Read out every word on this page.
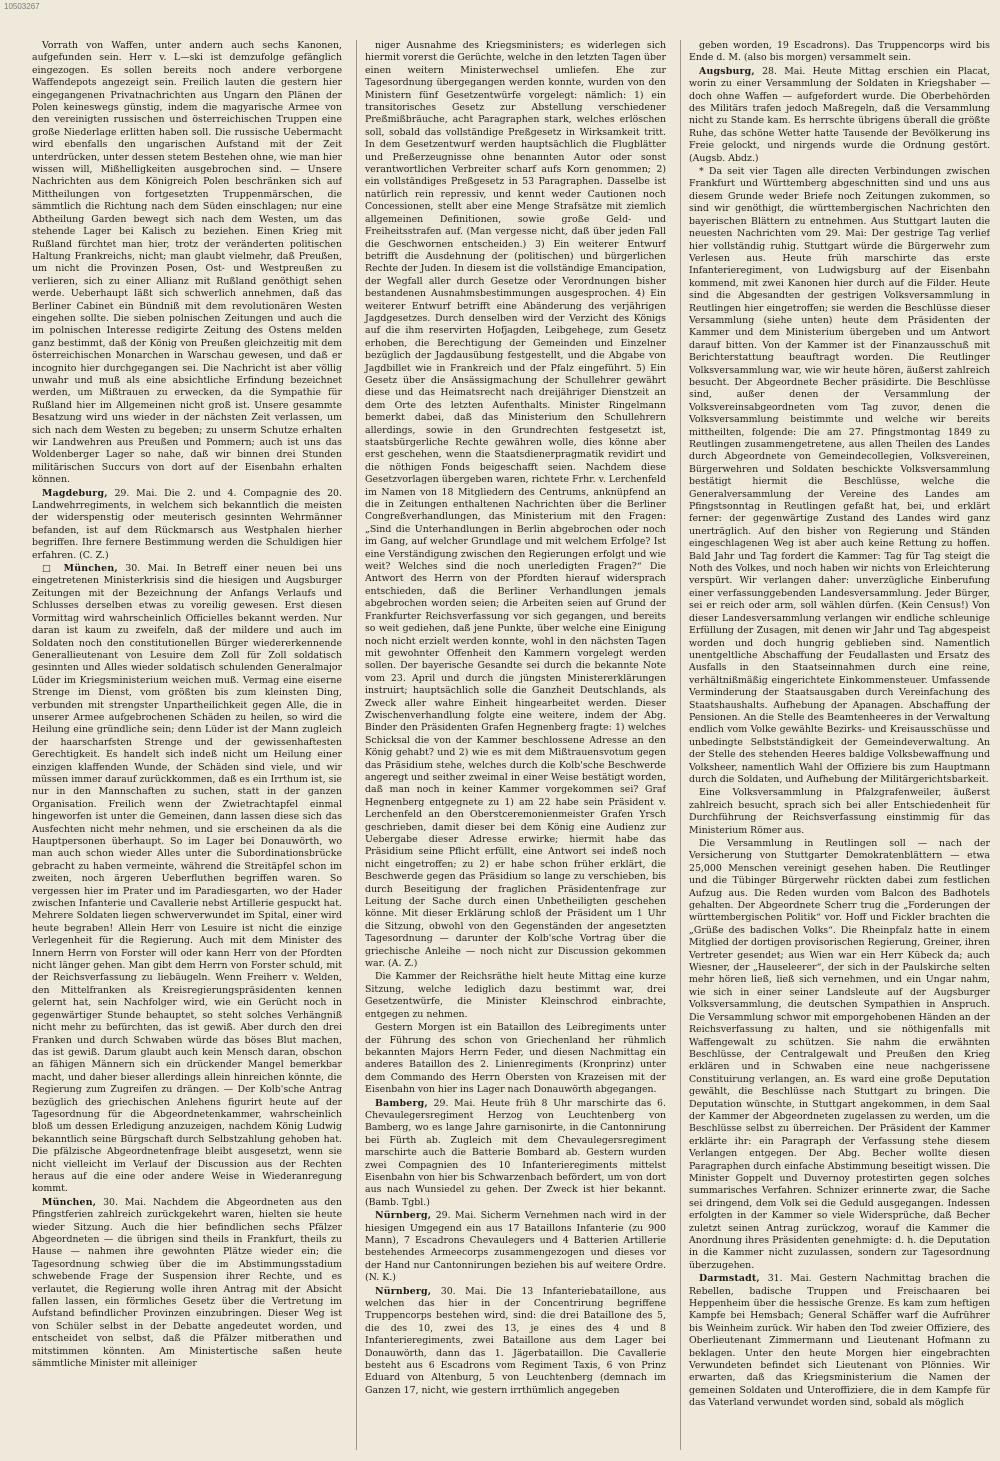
10503267

Vorrath von Waffen, unter andern auch sechs Kanonen, aufgefunden sein. Herr v. L—ski ist demzufolge gefänglich eingezogen. Es sollen bereits noch andere verborgene Waffendepots angezeigt sein. Freilich lauten die gestern hier eingegangenen Privatnachrichten aus Ungarn den Plänen der Polen keineswegs günstig, indem die magyarische Armee von den vereinigten russischen und österreichischen Truppen eine große Niederlage erlitten haben soll. Die russische Uebermacht wird ebenfalls den ungarischen Aufstand mit der Zeit unterdrücken, unter dessen stetem Bestehen ohne, wie man hier wissen will, Mißhelligkeiten ausgebrochen sind. — Unsere Nachrichten aus dem Königreich Polen beschränken sich auf Mittheilungen von fortgesetzten Truppenmärschen, die sämmtlich die Richtung nach dem Süden einschlagen; nur eine Abtheilung Garden bewegt sich nach dem Westen, um das stehende Lager bei Kalisch zu beziehen. Einen Krieg mit Rußland fürchtet man hier, trotz der veränderten politischen Haltung Frankreichs, nicht; man glaubt vielmehr, daß Preußen, um nicht die Provinzen Posen, Ost- und Westpreußen zu verlieren, sich zu einer Allianz mit Rußland genöthigt sehen werde. Ueberhaupt läßt sich schwerlich annehmen, daß das Berliner Cabinet ein Bündniß mit dem revolutionären Westen eingehen sollte. Die sieben polnischen Zeitungen und auch die im polnischen Interesse redigirte Zeitung des Ostens melden ganz bestimmt, daß der König von Preußen gleichzeitig mit dem österreichischen Monarchen in Warschau gewesen, und daß er incognito hier durchgegangen sei. Die Nachricht ist aber völlig unwahr und muß als eine absichtliche Erfindung bezeichnet werden, um Mißtrauen zu erwecken, da die Sympathie für Rußland hier im Allgemeinen nicht groß ist. Unsere gesammte Besatzung wird uns wieder in der nächsten Zeit verlassen, um sich nach dem Westen zu begeben; zu unserm Schutze erhalten wir Landwehren aus Preußen und Pommern; auch ist uns das Woldenberger Lager so nahe, daß wir binnen drei Stunden militärischen Succurs von dort auf der Eisenbahn erhalten können.

Magdeburg, 29. Mai. Die 2. und 4. Compagnie des 20. Landwehrregiments, in welchem sich bekanntlich die meisten der widerspenstig oder meuterisch gesinnten Wehrmänner befanden, ist auf dem Rückmarsch aus Westphalen hierher begriffen. Ihre fernere Bestimmung werden die Schuldigen hier erfahren. (C. Z.)

□ München, 30. Mai. In Betreff einer neuen bei uns eingetretenen Ministerkrisis sind die hiesigen und Augsburger Zeitungen mit der Bezeichnung der Anfangs Verlaufs und Schlusses derselben etwas zu voreilig gewesen. Erst diesen Vormittag wird wahrscheinlich Officielles bekannt werden. Nur daran ist kaum zu zweifeln, daß der mildere und auch im Soldaten noch den constitutionellen Bürger wiedererkennende Generallieutenant von Lesuire dem Zoll für Zoll soldatisch gesinnten und Alles wieder soldatisch schulenden Generalmajor Lüder im Kriegsministerium weichen muß. Vermag eine eiserne Strenge im Dienst, vom größten bis zum kleinsten Ding, verbunden mit strengster Unpartheilichkeit gegen Alle, die in unserer Armee aufgebrochenen Schäden zu heilen, so wird die Heilung eine gründliche sein; denn Lüder ist der Mann zugleich der haarscharfsten Strenge und der gewissenhaftesten Gerechtigkeit. Es handelt sich indeß nicht um Heilung einer einzigen klaffenden Wunde, der Schäden sind viele, und wir müssen immer darauf zurückkommen, daß es ein Irrthum ist, sie nur in den Mannschaften zu suchen, statt in der ganzen Organisation. Freilich wenn der Zwietrachtapfel einmal hingeworfen ist unter die Gemeinen, dann lassen diese sich das Ausfechten nicht mehr nehmen, und sie erscheinen da als die Hauptpersonen überhaupt. So im Lager bei Donauwörth, wo man auch schon wieder Alles unter die Subordinationsbrücke gebracht zu haben vermeinte, während die Streitäpfel schon im zweiten, noch ärgeren Ueberfluthen begriffen waren. So vergessen hier im Prater und im Paradiesgarten, wo der Hader zwischen Infanterie und Cavallerie nebst Artillerie gespuckt hat. Mehrere Soldaten liegen schwerverwundet im Spital, einer wird heute begraben! Allein Herr von Lesuire ist nicht die einzige Verlegenheit für die Regierung. Auch mit dem Minister des Innern Herrn von Forster will oder kann Herr von der Pfordten nicht länger gehen. Man gibt dem Herrn von Forster schuld, mit der Reichsverfassung zu liebäugeln. Wenn Freiherr v. Welden, den Mittelfranken als Kreisregierungspräsidenten kennen gelernt hat, sein Nachfolger wird, wie ein Gerücht noch in gegenwärtiger Stunde behauptet, so steht solches Verhängniß nicht mehr zu befürchten, das ist gewiß. Aber durch den drei Franken und durch Schwaben würde das böses Blut machen, das ist gewiß. Darum glaubt auch kein Mensch daran, obschon an fähigen Männern sich ein drückender Mangel bemerkbar macht, und daher bieser allerdings allein hinreichen könnte, die Regierung zum Zugreifen zu drängen. — Der Kolb'sche Antrag bezüglich des griechischen Anlehens figurirt heute auf der Tagesordnung für die Abgeordnetenkammer, wahrscheinlich bloß um dessen Erledigung anzuzeigen, nachdem König Ludwig bekanntlich seine Bürgschaft durch Selbstzahlung gehoben hat. Die pfälzische Abgeordnetenfrage bleibt ausgesetzt, wenn sie nicht vielleicht im Verlauf der Discussion aus der Rechten heraus auf die eine oder andere Weise in Wiederanregung kommt.

München, 30. Mai. Nachdem die Abgeordneten aus den Pfingstferien zahlreich zurückgekehrt waren, hielten sie heute wieder Sitzung. Auch die hier befindlichen sechs Pfälzer Abgeordneten — die übrigen sind theils in Frankfurt, theils zu Hause — nahmen ihre gewohnten Plätze wieder ein; die Tagesordnung schwieg über die im Abstimmungsstadium schwebende Frage der Suspension ihrer Rechte, und es verlautet, die Regierung wolle ihren Antrag mit der Absicht fallen lassen, ein förmliches Gesetz über die Vertretung im Aufstand befindlicher Provinzen einzubringen. Dieser Weg ist von Schüler selbst in der Debatte angedeutet worden, und entscheidet von selbst, daß die Pfälzer mitberathen und mitstimmen könnten. Am Ministertische saßen heute sämmtliche Minister mit alleiniger

niger Ausnahme des Kriegsministers; es widerlegen sich hiermit vorerst die Gerüchte, welche in den letzten Tagen über einen weitern Ministerwechsel umliefen. Ehe zur Tagesordnung übergegangen werden konnte, wurden von den Ministern fünf Gesetzentwürfe vorgelegt: nämlich: 1) ein transitorisches Gesetz zur Abstellung verschiedener Preßmißbräuche, acht Paragraphen stark, welches erlöschen soll, sobald das vollständige Preßgesetz in Wirksamkeit tritt. In dem Gesetzentwurf werden hauptsächlich die Flugblätter und Preßerzeugnisse ohne benannten Autor oder sonst verantwortlichen Verbreiter scharf aufs Korn genommen; 2) ein vollständiges Preßgesetz in 53 Paragraphen. Dasselbe ist natürlich rein repressiv, und kennt weder Cautionen noch Concessionen, stellt aber eine Menge Strafsätze mit ziemlich allgemeinen Definitionen, sowie große Geld- und Freiheitsstrafen auf. (Man vergesse nicht, daß über jeden Fall die Geschwornen entscheiden.) 3) Ein weiterer Entwurf betrifft die Ausdehnung der (politischen) und bürgerlichen Rechte der Juden. In diesem ist die vollständige Emancipation, der Wegfall aller durch Gesetze oder Verordnungen bisher bestandenen Ausnahmsbestimmungen ausgesprochen. 4) Ein weiterer Entwurf betrifft eine Abänderung des verjährigen Jagdgesetzes. Durch denselben wird der Verzicht des Königs auf die ihm reservirten Hofjagden, Leibgehege, zum Gesetz erhoben, die Berechtigung der Gemeinden und Einzelner bezüglich der Jagdausübung festgestellt, und die Abgabe von Jagdbillet wie in Frankreich und der Pfalz eingeführt. 5) Ein Gesetz über die Ansässigmachung der Schullehrer gewährt diese und das Heimatsrecht nach dreijähriger Dienstzeit an dem Orte des letzten Aufenthalts. Minister Ringelmann bemerkt dabei, daß das Ministerium den Schullehrern allerdings, sowie in den Grundrechten festgesetzt ist, staatsbürgerliche Rechte gewähren wolle, dies könne aber erst geschehen, wenn die Staatsdienerpragmatik revidirt und die nöthigen Fonds beigeschafft seien. Nachdem diese Gesetzvorlagen übergeben waren, richtete Frhr. v. Lerchenfeld im Namen von 18 Mitgliedern des Centrums, anknüpfend an die in Zeitungen enthaltenen Nachrichten über die Berliner Congreßverhandlungen, das Ministerium mit den Fragen: „Sind die Unterhandlungen in Berlin abgebrochen oder noch im Gang, auf welcher Grundlage und mit welchem Erfolge? Ist eine Verständigung zwischen den Regierungen erfolgt und wie weit? Welches sind die noch unerledigten Fragen?“ Die Antwort des Herrn von der Pfordten hierauf widersprach entschieden, daß die Berliner Verhandlungen jemals abgebrochen worden seien; die Arbeiten seien auf Grund der Frankfurter Reichsverfassung vor sich gegangen, und bereits so weit gediehen, daß jene Punkte, über welche eine Einigung noch nicht erzielt werden konnte, wohl in den nächsten Tagen mit gewohnter Offenheit den Kammern vorgelegt werden sollen. Der bayerische Gesandte sei durch die bekannte Note vom 23. April und durch die jüngsten Ministererklärungen instruirt; hauptsächlich solle die Ganzheit Deutschlands, als Zweck aller wahre Einheit hingearbeitet werden. Dieser Zwischenverhandlung folgte eine weitere, indem der Abg. Binder den Präsidenten Grafen Hegnenberg fragte: 1) welches Schicksal die von der Kammer beschlossene Adresse an den König gehabt? und 2) wie es mit dem Mißtrauensvotum gegen das Präsidium stehe, welches durch die Kolb'sche Beschwerde angeregt und seither zweimal in einer Weise bestätigt worden, daß man noch in keiner Kammer vorgekommen sei? Graf Hegnenberg entgegnete zu 1) am 22 habe sein Präsident v. Lerchenfeld an den Oberstceremonienmeister Grafen Yrsch geschrieben, damit dieser bei dem König eine Audienz zur Uebergabe dieser Adresse erwirke; hiermit habe das Präsidium seine Pflicht erfüllt, eine Antwort sei indeß noch nicht eingetroffen; zu 2) er habe schon früher erklärt, die Beschwerde gegen das Präsidium so lange zu verschieben, bis durch Beseitigung der fraglichen Präsidentenfrage zur Leitung der Sache durch einen Unbetheiligten geschehen könne. Mit dieser Erklärung schloß der Präsident um 1 Uhr die Sitzung, obwohl von den Gegenständen der angesetzten Tagesordnung — darunter der Kolb'sche Vortrag über die griechische Anleihe — noch nicht zur Discussion gekommen war. (A. Z.)

Die Kammer der Reichsräthe hielt heute Mittag eine kurze Sitzung, welche lediglich dazu bestimmt war, drei Gesetzentwürfe, die Minister Kleinschrod einbrachte, entgegen zu nehmen.

Gestern Morgen ist ein Bataillon des Leibregiments unter der Führung des schon von Griechenland her rühmlich bekannten Majors Herrn Feder, und diesen Nachmittag ein anderes Bataillon des 2. Linienregiments (Kronprinz) unter dem Commando des Herrn Obersten von Krazeisen mit der Eisenbahn von hier ins Lager nach Donauwörth abgegangen.

Bamberg, 29. Mai. Heute früh 8 Uhr marschirte das 6. Chevaulegersregiment Herzog von Leuchtenberg von Bamberg, wo es lange Jahre garnisonirte, in die Cantonnirung bei Fürth ab. Zugleich mit dem Chevaulegersregiment marschirte auch die Batterie Bombard ab. Gestern wurden zwei Compagnien des 10 Infanterieregiments mittelst Eisenbahn von hier bis Schwarzenbach befördert, um von dort aus nach Wunsiedel zu gehen. Der Zweck ist hier bekannt. (Bamb. Tgbl.)

Nürnberg, 29. Mai. Sicherm Vernehmen nach wird in der hiesigen Umgegend ein aus 17 Bataillons Infanterie (zu 900 Mann), 7 Escadrons Chevaulegers und 4 Batterien Artillerie bestehendes Armeecorps zusammengezogen und dieses vor der Hand nur Cantonnirungen beziehen bis auf weitere Ordre. (N. K.)

Nürnberg, 30. Mai. Die 13 Infanteriebataillone, aus welchen das hier in der Concentrirung begriffene Truppencorps bestehen wird, sind: die drei Bataillone des 5, die des 10, zwei des 13, je eines des 4 und 8 Infanterieregiments, zwei Bataillone aus dem Lager bei Donauwörth, dann das 1. Jägerbataillon. Die Cavallerie besteht aus 6 Escadrons vom Regiment Taxis, 6 von Prinz Eduard von Altenburg, 5 von Leuchtenberg (demnach im Ganzen 17, nicht, wie gestern irrthümlich angegeben

geben worden, 19 Escadrons). Das Truppencorps wird bis Ende d. M. (also bis morgen) versammelt sein.

Augsburg, 28. Mai. Heute Mittag erschien ein Placat, worin zu einer Versammlung der Soldaten in Kriegshaber — doch ohne Waffen — aufgefordert wurde. Die Oberbehörden des Militärs trafen jedoch Maßregeln, daß die Versammlung nicht zu Stande kam. Es herrschte übrigens überall die größte Ruhe, das schöne Wetter hatte Tausende der Bevölkerung ins Freie gelockt, und nirgends wurde die Ordnung gestört. (Augsb. Abdz.)

* Da seit vier Tagen alle directen Verbindungen zwischen Frankfurt und Württemberg abgeschnitten sind und uns aus diesem Grunde weder Briefe noch Zeitungen zukommen, so sind wir genöthigt, die württembergischen Nachrichten den bayerischen Blättern zu entnehmen. Aus Stuttgart lauten die neuesten Nachrichten vom 29. Mai: Der gestrige Tag verlief hier vollständig ruhig. Stuttgart würde die Bürgerwehr zum Verlesen aus. Heute früh marschirte das erste Infanterieregiment, von Ludwigsburg auf der Eisenbahn kommend, mit zwei Kanonen hier durch auf die Filder. Heute sind die Abgesandten der gestrigen Volksversammlung in Reutlingen hier eingetroffen; sie werden die Beschlüsse dieser Versammlung (siehe unten) heute dem Präsidenten der Kammer und dem Ministerium übergeben und um Antwort darauf bitten. Von der Kammer ist der Finanzausschuß mit Berichterstattung beauftragt worden. Die Reutlinger Volksversammlung war, wie wir heute hören, äußerst zahlreich besucht. Der Abgeordnete Becher präsidirte. Die Beschlüsse sind, außer denen der Versammlung der Volksvereinsabgeordneten vom Tag zuvor, denen die Volksversammlung beistimmte und welche wir bereits mittheilten, folgende: Die am 27. Pfingstmontag 1849 zu Reutlingen zusammengetretene, aus allen Theilen des Landes durch Abgeordnete von Gemeindecollegien, Volksvereinen, Bürgerwehren und Soldaten beschickte Volksversammlung bestätigt hiermit die Beschlüsse, welche die Generalversammlung der Vereine des Landes am Pfingstsonntag in Reutlingen gefaßt hat, bei, und erklärt ferner: der gegenwärtige Zustand des Landes wird ganz unerträglich. Auf den bisher von Regierung und Ständen eingeschlagenen Weg ist aber auch keine Rettung zu hoffen. Bald Jahr und Tag fordert die Kammer: Tag für Tag steigt die Noth des Volkes, und noch haben wir nichts von Erleichterung verspürt. Wir verlangen daher: unverzügliche Einberufung einer verfassunggebenden Landesversammlung. Jeder Bürger, sei er reich oder arm, soll wählen dürfen. (Kein Census!) Von dieser Landesversammlung verlangen wir endliche schleunige Erfüllung der Zusagen, mit denen wir Jahr und Tag abgespeist worden und doch hungrig geblieben sind. Namentlich unentgeltliche Abschaffung der Feudallasten und Ersatz des Ausfalls in den Staatseinnahmen durch eine reine, verhältnißmäßig eingerichtete Einkommensteuer. Umfassende Verminderung der Staatsausgaben durch Vereinfachung des Staatshaushalts. Aufhebung der Apanagen. Abschaffung der Pensionen. An die Stelle des Beamtenheeres in der Verwaltung endlich vom Volke gewählte Bezirks- und Kreisausschüsse und unbedingte Selbstständigkeit der Gemeindeverwaltung. An der Stelle des stehenden Heeres baldige Volksbewaffnung und Volksheer, namentlich Wahl der Offiziere bis zum Hauptmann durch die Soldaten, und Aufhebung der Militärgerichtsbarkeit.

Eine Volksversammlung in Pfalzgrafenweiler, äußerst zahlreich besucht, sprach sich bei aller Entschiedenheit für Durchführung der Reichsverfassung einstimmig für das Ministerium Römer aus.

Die Versammlung in Reutlingen soll — nach der Versicherung von Stuttgarter Demokratenblättern — etwa 25,000 Menschen vereinigt gesehen haben. Die Reutlinger und die Tübinger Bürgerwehr rückten dabei zum festlichen Aufzug aus. Die Reden wurden vom Balcon des Badhotels gehalten. Der Abgeordnete Scherr trug die „Forderungen der württembergischen Politik“ vor. Hoff und Fickler brachten die „Grüße des badischen Volks“. Die Rheinpfalz hatte in einem Mitglied der dortigen provisorischen Regierung, Greiner, ihren Vertreter gesendet; aus Wien war ein Herr Kübeck da; auch Wiesner, der „Hauseleerer“, der sich in der Paulskirche selten mehr hören ließ, ließ sich vernehmen, und ein Ungar nahm, wie sich in einer seiner Landsleute auf der Augsburger Volksversammlung, die deutschen Sympathien in Anspruch. Die Versammlung schwor mit emporgehobenen Händen an der Reichsverfassung zu halten, und sie nöthigenfalls mit Waffengewalt zu schützen. Sie nahm die erwähnten Beschlüsse, der Centralgewalt und Preußen den Krieg erklären und in Schwaben eine neue nachgerissene Constituirung verlangen, an. Es ward eine große Deputation gewählt, die Beschlüsse nach Stuttgart zu bringen. Die Deputation wünschte, in Stuttgart angekommen, in dem Saal der Kammer der Abgeordneten zugelassen zu werden, um die Beschlüsse selbst zu überreichen. Der Präsident der Kammer erklärte ihr: ein Paragraph der Verfassung stehe diesem Verlangen entgegen. Der Abg. Becher wollte diesen Paragraphen durch einfache Abstimmung beseitigt wissen. Die Minister Goppelt und Duvernoy protestirten gegen solches summarisches Verfahren. Schnizer erinnerte zwar, die Sache sei dringend, dem Volk sei die Geduld ausgegangen. Indessen erfolgten in der Kammer so viele Widersprüche, daß Becher zuletzt seinen Antrag zurückzog, worauf die Kammer die Anordnung ihres Präsidenten genehmigte: d. h. die Deputation in die Kammer nicht zuzulassen, sondern zur Tagesordnung überzugehen.

Darmstadt, 31. Mai. Gestern Nachmittag brachen die Rebellen, badische Truppen und Freischaaren bei Heppenheim über die hessische Grenze. Es kam zum heftigen Kampfe bei Hemsbach; General Schäffer warf die Aufrührer bis Weinheim zurück. Wir haben den Tod zweier Offiziere, des Oberlieutenant Zimmermann und Lieutenant Hofmann zu beklagen. Unter den heute Morgen hier eingebrachten Verwundeten befindet sich Lieutenant von Plönnies. Wir erwarten, daß das Kriegsministerium die Namen der gemeinen Soldaten und Unteroffiziere, die in dem Kampfe für das Vaterland verwundet worden sind, sobald als möglich
